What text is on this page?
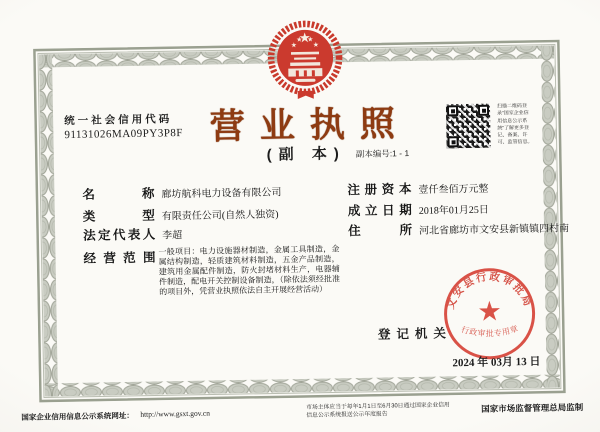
统一社会信用代码
91131026MA09PY3P8F 营业执照
(副 本)	副本编号:1 - 1
扫描二维码登
录“国家企业信
用信息公示系
统”了解更多登
记、备案、许
可、监管信息。
名称 廊坊航科电力设备有限公司
类型 有限责任公司(自然人独资)
法定代表人 李超
经营范围
一般项目：电力设施器材制造，金属工具制造，金属结构制造，轻质建筑材料制造，五金产品制造，建筑用金属配件制造，防火封堵材料生产，电器辅件制造，配电开关控制设备制造，（除依法须经批准的项目外，凭营业执照依法自主开展经营活动）
注册资本 壹仟叁佰万元整
成立日期 2018年01月25日
住所 河北省廊坊市文安县新镇镇四村南
登记机关
文安县行政审批局
行政审批专用章
2024 年 03月 13 日
国家企业信用信息公示系统网址： http://www.gsxt.gov.cn
市场主体应当于每年1月1日至6月30日通过国家企业信用信息公示系统报送公示年度报告
国家市场监督管理总局监制
